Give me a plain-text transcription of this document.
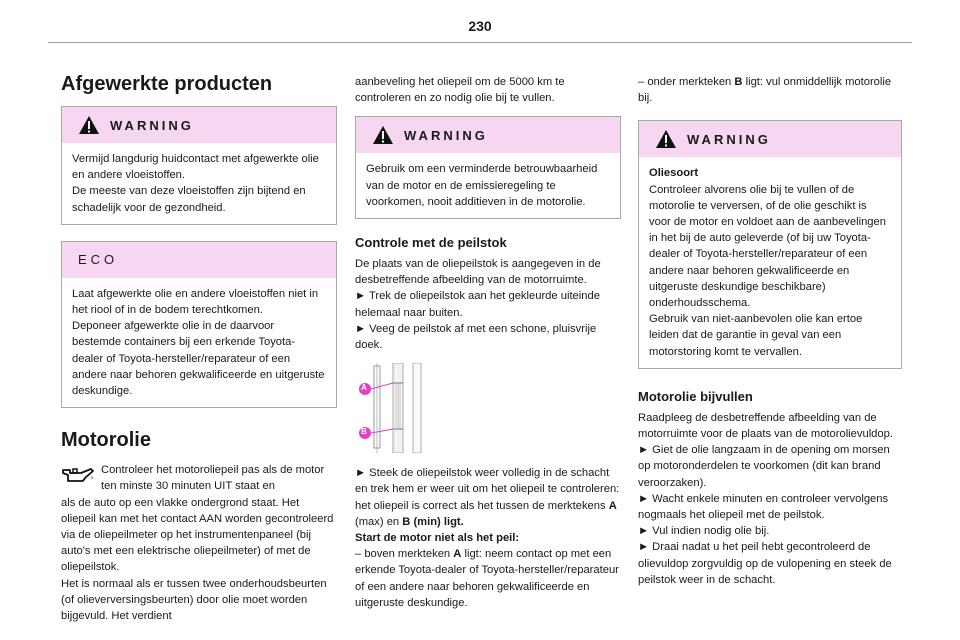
230
Afgewerkte producten
WARNING

Vermijd langdurig huidcontact met afgewerkte olie en andere vloeistoffen.
De meeste van deze vloeistoffen zijn bijtend en schadelijk voor de gezondheid.

ECO

Laat afgewerkte olie en andere vloeistoffen niet in het riool of in de bodem terechtkomen.
Deponeer afgewerkte olie in de daarvoor bestemde containers bij een erkende Toyota-dealer of Toyota-hersteller/reparateur of een andere naar behoren gekwalificeerde en uitgeruste deskundige.

Motorolie

Controleer het motoroliepeil pas als de motor ten minste 30 minuten UIT staat en

als de auto op een vlakke ondergrond staat. Het oliepeil kan met het contact AAN worden gecontroleerd via de oliepeilmeter op het instrumentenpaneel (bij auto's met een elektrische oliepeilmeter) of met de oliepeilstok.
Het is normaal als er tussen twee onderhoudsbeurten (of olieverversingsbeurten) door olie moet worden bijgevuld. Het verdient

aanbeveling het oliepeil om de 5000 km te controleren en zo nodig olie bij te vullen.

WARNING

Gebruik om een verminderde betrouwbaarheid van de motor en de emissieregeling te voorkomen, nooit additieven in de motorolie.

Controle met de peilstok

De plaats van de oliepeilstok is aangegeven in de desbetreffende afbeelding van de motorruimte.
► Trek de oliepeilstok aan het gekleurde uiteinde helemaal naar buiten.
► Veeg de peilstok af met een schone, pluisvrije doek.

A
B

► Steek de oliepeilstok weer volledig in de schacht en trek hem er weer uit om het oliepeil te controleren: het oliepeil is correct als het tussen de merktekens A (max) en B (min) ligt.

Start de motor niet als het peil:

– boven merkteken A ligt: neem contact op met een erkende Toyota-dealer of Toyota-hersteller/reparateur of een andere naar behoren gekwalificeerde en uitgeruste deskundige.

– onder merkteken B ligt: vul onmiddellijk motorolie bij.

WARNING

Oliesoort

Controleer alvorens olie bij te vullen of de motorolie te verversen, of de olie geschikt is voor de motor en voldoet aan de aanbevelingen in het bij de auto geleverde (of bij uw Toyota-dealer of Toyota-hersteller/reparateur of een andere naar behoren gekwalificeerde en uitgeruste deskundige beschikbare) onderhoudsschema.
Gebruik van niet-aanbevolen olie kan ertoe leiden dat de garantie in geval van een motorstoring komt te vervallen.

Motorolie bijvullen

Raadpleeg de desbetreffende afbeelding van de motorruimte voor de plaats van de motorolievuldop.
► Giet de olie langzaam in de opening om morsen op motoronderdelen te voorkomen (dit kan brand veroorzaken).
► Wacht enkele minuten en controleer vervolgens nogmaals het oliepeil met de peilstok.
► Vul indien nodig olie bij.
► Draai nadat u het peil hebt gecontroleerd de olievuldop zorgvuldig op de vulopening en steek de peilstok weer in de schacht.
